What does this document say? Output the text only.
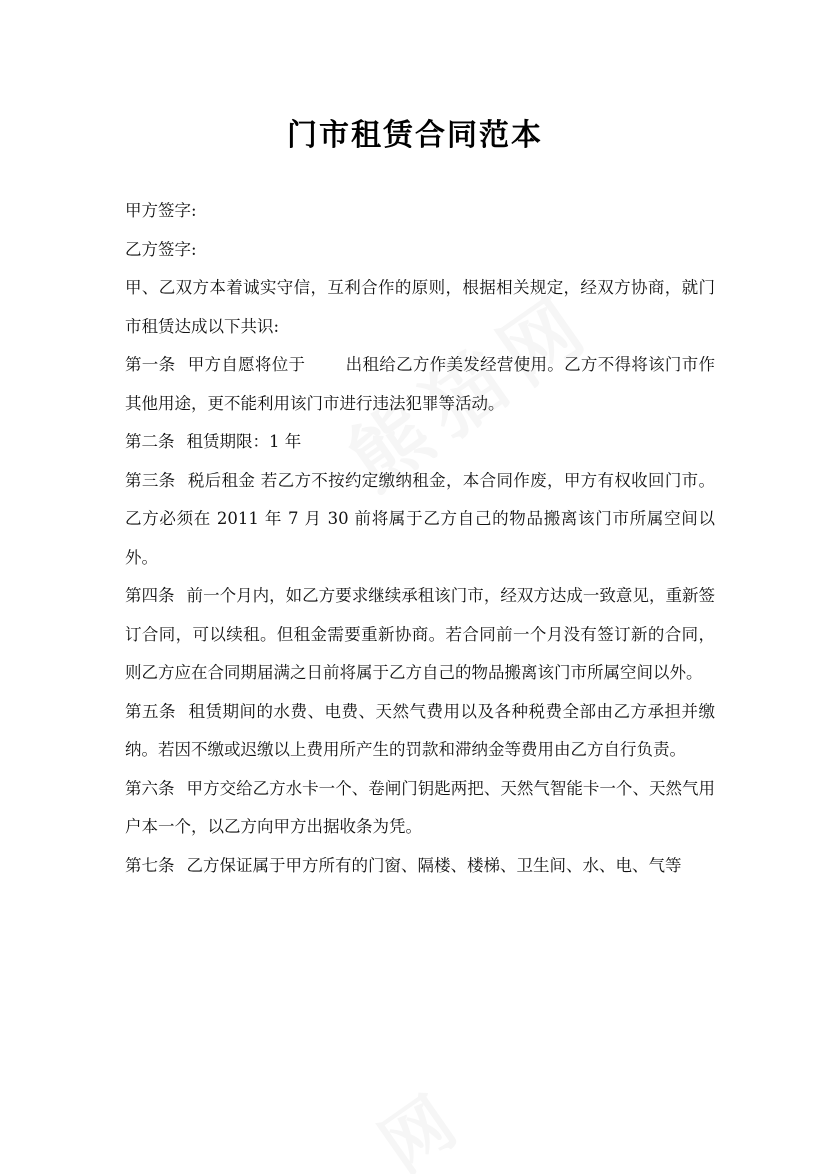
门市租赁合同范本

甲方签字:

乙方签字:

甲、乙双方本着诚实守信，互利合作的原则，根据相关规定，经双方协商，就门市租赁达成以下共识:

第一条 甲方自愿将位于 出租给乙方作美发经营使用。乙方不得将该门市作其他用途，更不能利用该门市进行违法犯罪等活动。

第二条 租赁期限：1 年

第三条 税后租金 若乙方不按约定缴纳租金，本合同作废，甲方有权收回门市。乙方必须在 2011 年 7 月 30 前将属于乙方自己的物品搬离该门市所属空间以外。

第四条 前一个月内，如乙方要求继续承租该门市，经双方达成一致意见，重新签订合同，可以续租。但租金需要重新协商。若合同前一个月没有签订新的合同，则乙方应在合同期届满之日前将属于乙方自己的物品搬离该门市所属空间以外。

第五条 租赁期间的水费、电费、天然气费用以及各种税费全部由乙方承担并缴纳。若因不缴或迟缴以上费用所产生的罚款和滞纳金等费用由乙方自行负责。

第六条 甲方交给乙方水卡一个、卷闸门钥匙两把、天然气智能卡一个、天然气用户本一个，以乙方向甲方出据收条为凭。

第七条 乙方保证属于甲方所有的门窗、隔楼、楼梯、卫生间、水、电、气等
